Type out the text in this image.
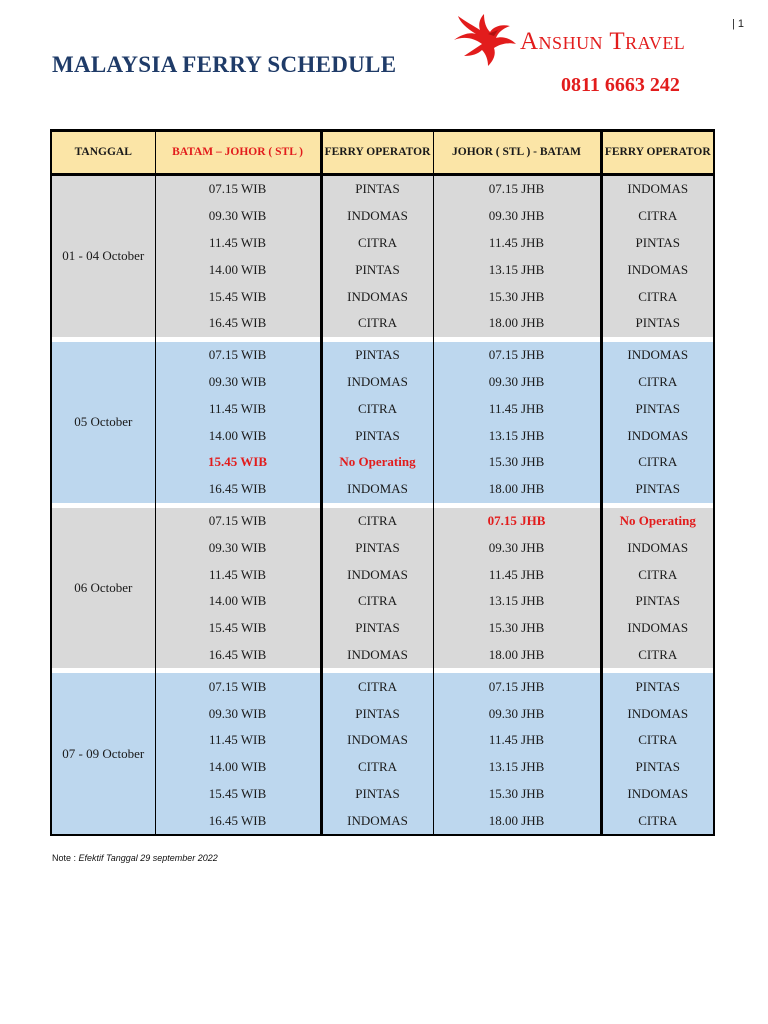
| 1
MALAYSIA FERRY SCHEDULE
Anshun Travel
0811 6663 242
TANGGAL	BATAM – JOHOR ( STL )	FERRY OPERATOR	JOHOR ( STL ) - BATAM	FERRY OPERATOR
01 - 04 October	07.15 WIB	PINTAS	07.15 JHB	INDOMAS
	09.30 WIB	INDOMAS	09.30 JHB	CITRA
	11.45 WIB	CITRA	11.45 JHB	PINTAS
	14.00 WIB	PINTAS	13.15 JHB	INDOMAS
	15.45 WIB	INDOMAS	15.30 JHB	CITRA
	16.45 WIB	CITRA	18.00 JHB	PINTAS

05 October	07.15 WIB	PINTAS	07.15 JHB	INDOMAS
	09.30 WIB	INDOMAS	09.30 JHB	CITRA
	11.45 WIB	CITRA	11.45 JHB	PINTAS
	14.00 WIB	PINTAS	13.15 JHB	INDOMAS
	15.45 WIB	No Operating	15.30 JHB	CITRA
	16.45 WIB	INDOMAS	18.00 JHB	PINTAS

06 October	07.15 WIB	CITRA	07.15 JHB	No Operating
	09.30 WIB	PINTAS	09.30 JHB	INDOMAS
	11.45 WIB	INDOMAS	11.45 JHB	CITRA
	14.00 WIB	CITRA	13.15 JHB	PINTAS
	15.45 WIB	PINTAS	15.30 JHB	INDOMAS
	16.45 WIB	INDOMAS	18.00 JHB	CITRA

07 - 09 October	07.15 WIB	CITRA	07.15 JHB	PINTAS
	09.30 WIB	PINTAS	09.30 JHB	INDOMAS
	11.45 WIB	INDOMAS	11.45 JHB	CITRA
	14.00 WIB	CITRA	13.15 JHB	PINTAS
	15.45 WIB	PINTAS	15.30 JHB	INDOMAS
	16.45 WIB	INDOMAS	18.00 JHB	CITRA
Note : Efektif Tanggal 29 september 2022
